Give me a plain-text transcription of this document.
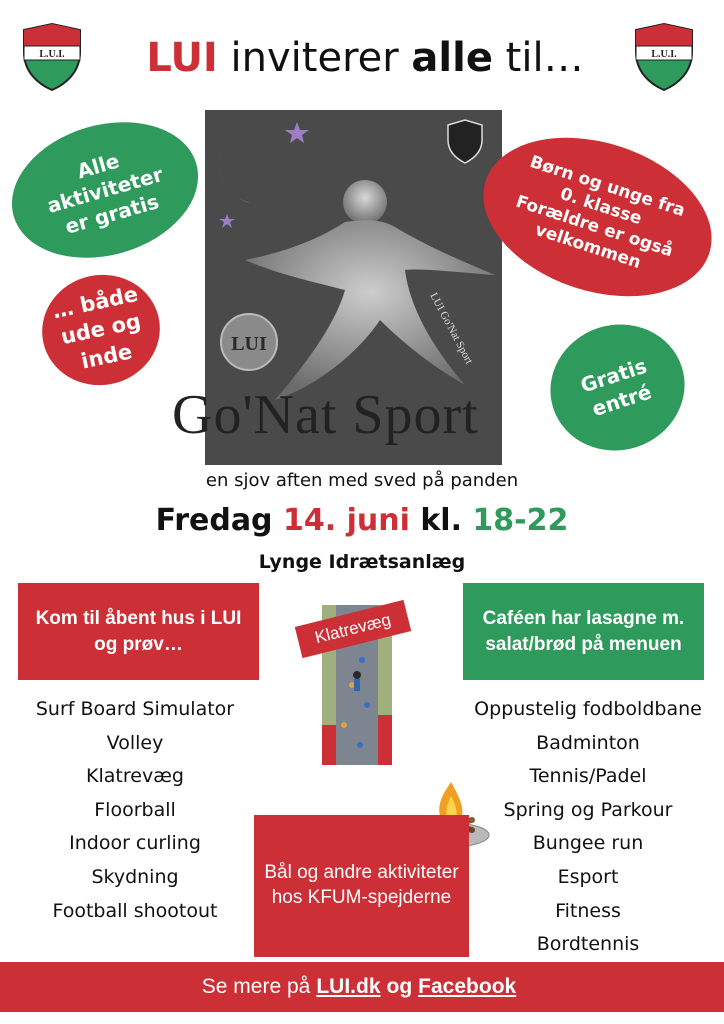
L.U.I.	L.U.I.
LUI inviterer alle til…
LUI	LUI Go'Nat Sport
Go'Nat Sport
Alle aktiviteter er gratis
… både ude og inde
Børn og unge fra 0. klasse Forældre er også velkommen
Gratis entré
en sjov aften med sved på panden
Fredag 14. juni kl. 18-22
Lynge Idrætsanlæg
Kom til åbent hus i LUI og prøv…
Caféen har lasagne m. salat/brød på menuen
Klatrevæg
Bål og andre aktiviteter hos KFUM-spejderne
Surf Board Simulator
Volley
Klatrevæg
Floorball
Indoor curling
Skydning
Football shootout
Oppustelig fodboldbane
Badminton
Tennis/Padel
Spring og Parkour
Bungee run
Esport
Fitness
Bordtennis
Se mere på LUI.dk og Facebook
